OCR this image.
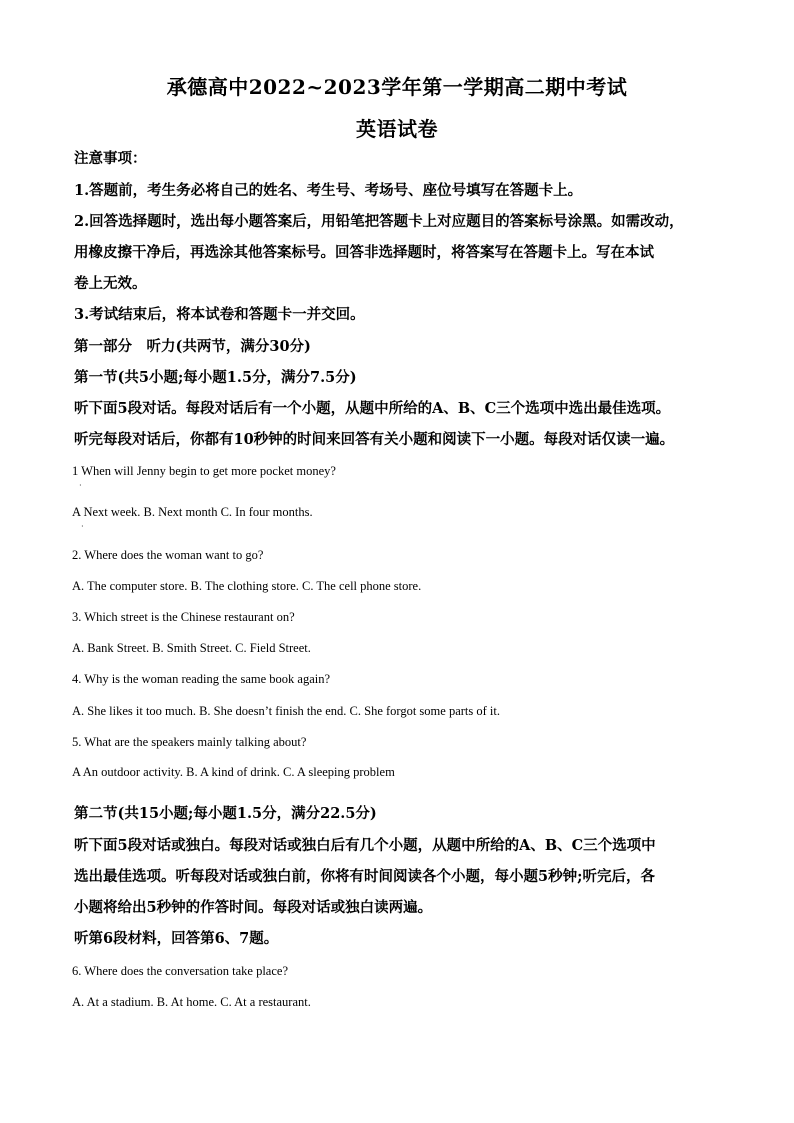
承德高中2022~2023学年第一学期高二期中考试
英语试卷
注意事项：
1.答题前，考生务必将自己的姓名、考生号、考场号、座位号填写在答题卡上。
2.回答选择题时，选出每小题答案后，用铅笔把答题卡上对应题目的答案标号涂黑。如需改动，
用橡皮擦干净后，再选涂其他答案标号。回答非选择题时，将答案写在答题卡上。写在本试
卷上无效。
3.考试结束后，将本试卷和答题卡一并交回。
第一部分　听力(共两节，满分30分)
第一节(共5小题;每小题1.5分，满分7.5分)
听下面5段对话。每段对话后有一个小题，从题中所给的A、B、C三个选项中选出最佳选项。
听完每段对话后，你都有10秒钟的时间来回答有关小题和阅读下一小题。每段对话仅读一遍。
1 When will Jenny begin to get more pocket money?
·
A Next week. B. Next month C. In four months.
·
2. Where does the woman want to go?
A. The computer store. B. The clothing store. C. The cell phone store.
3. Which street is the Chinese restaurant on?
A. Bank Street. B. Smith Street. C. Field Street.
4. Why is the woman reading the same book again?
A. She likes it too much. B. She doesn’t finish the end. C. She forgot some parts of it.
5. What are the speakers mainly talking about?
A An outdoor activity. B. A kind of drink. C. A sleeping problem
第二节(共15小题;每小题1.5分，满分22.5分)
听下面5段对话或独白。每段对话或独白后有几个小题，从题中所给的A、B、C三个选项中
选出最佳选项。听每段对话或独白前，你将有时间阅读各个小题，每小题5秒钟;听完后，各
小题将给出5秒钟的作答时间。每段对话或独白读两遍。
听第6段材料，回答第6、7题。
6. Where does the conversation take place?
A. At a stadium. B. At home. C. At a restaurant.
